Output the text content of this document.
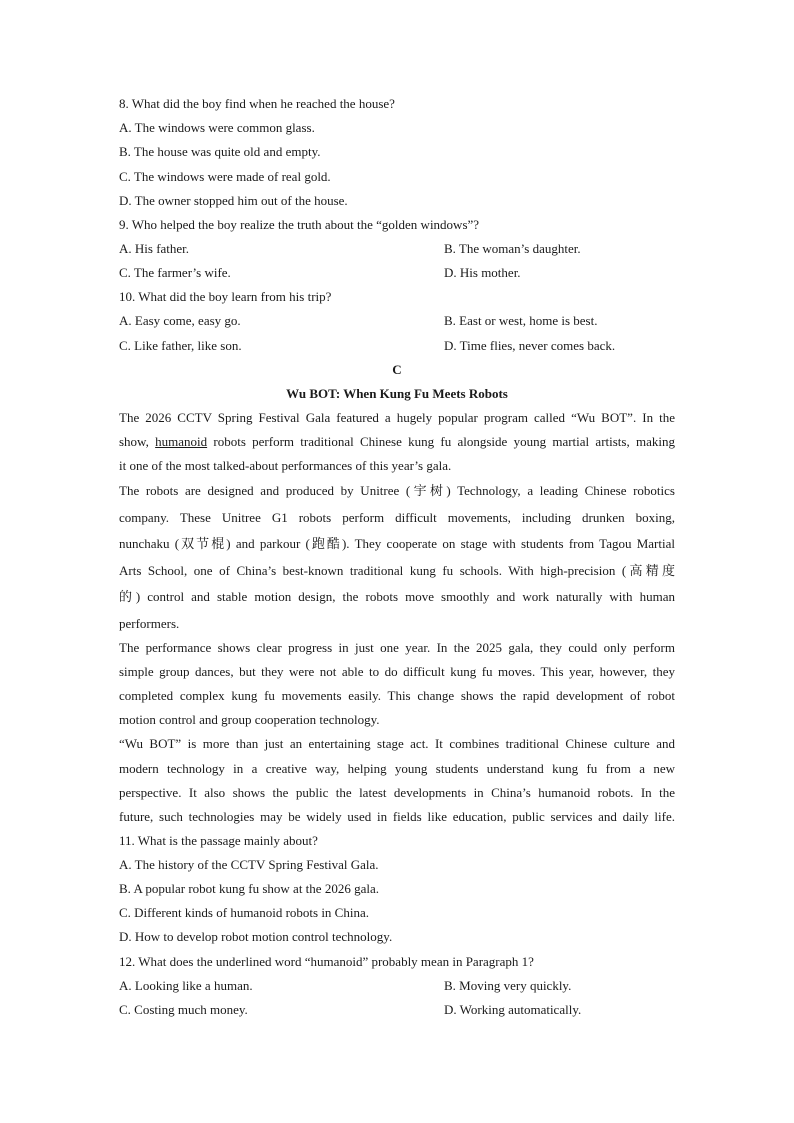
8. What did the boy find when he reached the house?
A. The windows were common glass.
B. The house was quite old and empty.
C. The windows were made of real gold.
D. The owner stopped him out of the house.
9. Who helped the boy realize the truth about the “golden windows”?
A. His father.	B. The woman’s daughter.
C. The farmer’s wife.	D. His mother.
10. What did the boy learn from his trip?
A. Easy come, easy go.	B. East or west, home is best.
C. Like father, like son.	D. Time flies, never comes back.
C
Wu BOT: When Kung Fu Meets Robots
The 2026 CCTV Spring Festival Gala featured a hugely popular program called “Wu BOT”. In the
show, humanoid robots perform traditional Chinese kung fu alongside young martial artists, making
it one of the most talked-about performances of this year’s gala.
The robots are designed and produced by Unitree (宇树) Technology, a leading Chinese robotics
company. These Unitree G1 robots perform difficult movements, including drunken boxing,
nunchaku (双节棍) and parkour (跑酷). They cooperate on stage with students from Tagou Martial
Arts School, one of China’s best-known traditional kung fu schools. With high-precision (高精度
的) control and stable motion design, the robots move smoothly and work naturally with human
performers.
The performance shows clear progress in just one year. In the 2025 gala, they could only perform
simple group dances, but they were not able to do difficult kung fu moves. This year, however, they
completed complex kung fu movements easily. This change shows the rapid development of robot
motion control and group cooperation technology.
“Wu BOT” is more than just an entertaining stage act. It combines traditional Chinese culture and
modern technology in a creative way, helping young students understand kung fu from a new
perspective. It also shows the public the latest developments in China’s humanoid robots. In the
future, such technologies may be widely used in fields like education, public services and daily life.
11. What is the passage mainly about?
A. The history of the CCTV Spring Festival Gala.
B. A popular robot kung fu show at the 2026 gala.
C. Different kinds of humanoid robots in China.
D. How to develop robot motion control technology.
12. What does the underlined word “humanoid” probably mean in Paragraph 1?
A. Looking like a human.	B. Moving very quickly.
C. Costing much money.	D. Working automatically.
